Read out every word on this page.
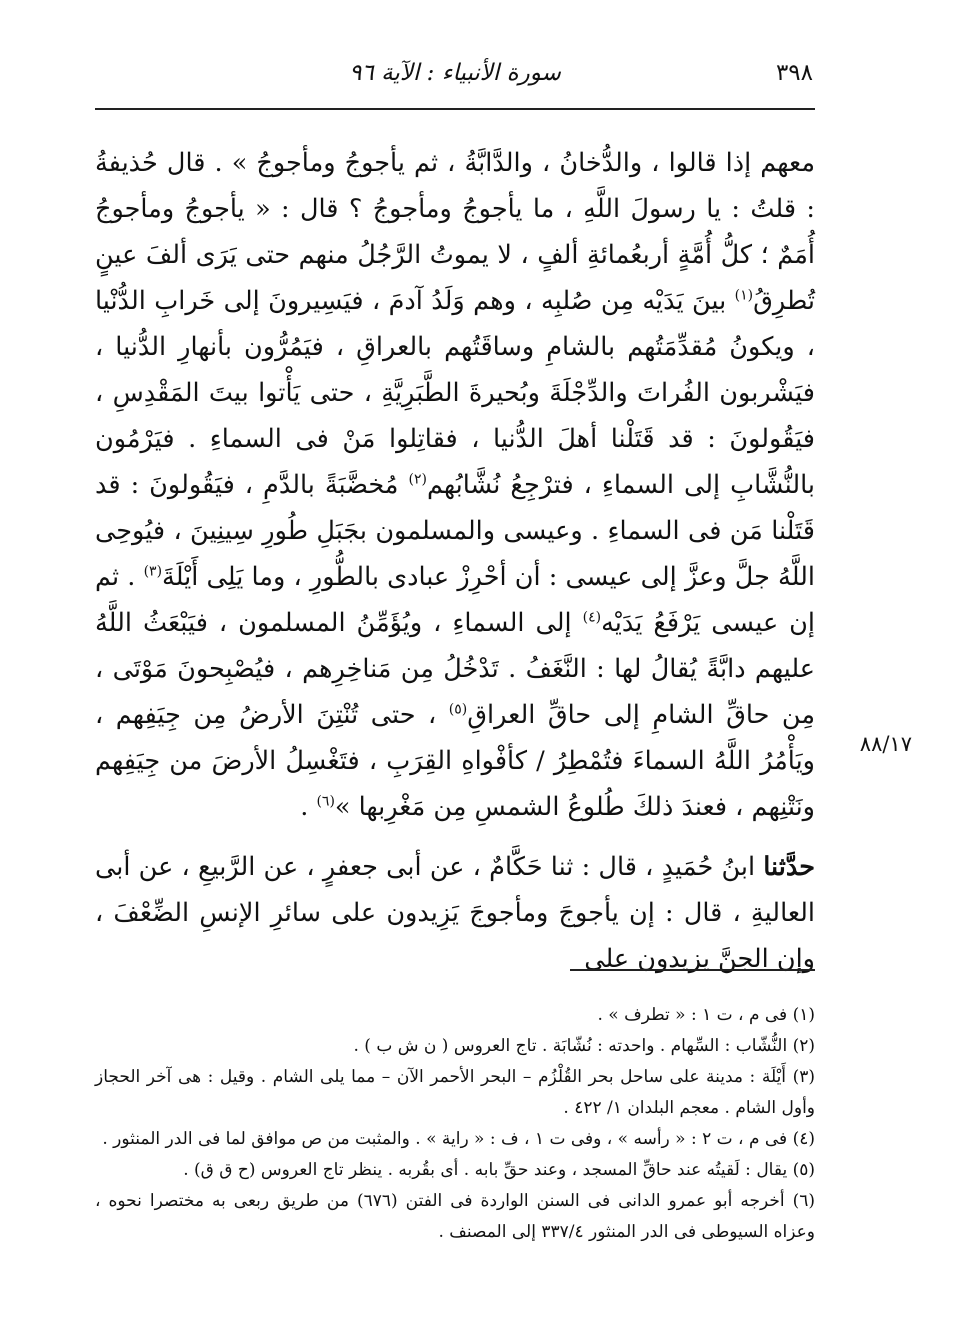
٣٩٨
سورة الأنبياء : الآية ٩٦

معهم إذا قالوا ، والدُّخانُ ، والدَّابَّةُ ، ثم يأجوجُ ومأجوجُ » . قال حُذيفةُ : قلتُ : يا رسولَ اللَّهِ ، ما يأجوجُ ومأجوجُ ؟ قال : « يأجوجُ ومأجوجُ أُمَمٌ ؛ كلُّ أُمَّةٍ أربعُمائةِ ألفٍ ، لا يموتُ الرَّجُلُ منهم حتى يَرَى ألفَ عينٍ تُطرِقُ$^{(١)}$ بينَ يَدَيْه مِن صُلبِه ، وهم وَلَدُ آدمَ ، فيَسِيرونَ إلى خَرابِ الدُّنْيا ، ويكونُ مُقدِّمَتُهم بالشامِ وساقَتُهم بالعراقِ ، فيَمُرُّون بأنهارِ الدُّنيا ، فيَشْربون الفُراتَ والدِّجْلَةَ وبُحيرةَ الطَّبَرِيَّةِ ، حتى يَأْتوا بيتَ المَقْدِسِ ، فيَقُولونَ : قد قَتَلْنا أهلَ الدُّنيا ، فقاتِلوا مَنْ فى السماءِ . فيَرْمُون بالنُّشَّابِ إلى السماءِ ، فترْجِعُ نُشَّابُهم$^{(٢)}$ مُخضَّبَةً بالدَّمِ ، فيَقُولونَ : قد قَتَلْنا مَن فى السماءِ . وعيسى والمسلمون بجَبَلِ طُورِ سِينِينَ ، فيُوحِى اللَّهُ جلَّ وعزَّ إلى عيسى : أن أحْرِزْ عبادى بالطُّورِ ، وما يَلِى أَيْلَةَ$^{(٣)}$ . ثم إن عيسى يَرْفَعُ يَدَيْه$^{(٤)}$ إلى السماءِ ، ويُؤَمِّنُ المسلمون ، فيَبْعَثُ اللَّهُ عليهم دابَّةً يُقالُ لها : النَّغَفُ . تَدْخُلُ مِن مَناخِرِهم ، فيُصْبِحونَ مَوْتَى ، مِن حاقِّ الشامِ إلى حاقِّ العراقِ$^{(٥)}$ ، حتى تُنْتِنَ الأرضُ مِن جِيَفِهم ، ويَأْمُرُ اللَّهُ السماءَ فتُمْطِرُ / كأفْواهِ القِرَبِ ، فتَغْسِلُ الأرضَ من جِيَفِهم ونَتْنِهم ، فعندَ ذلكَ طُلوعُ الشمسِ مِن مَغْرِبها »$^{(٦)}$ .

حدَّثنا ابنُ حُمَيدٍ ، قال : ثنا حَكَّامٌ ، عن أبى جعفرٍ ، عن الرَّبيعِ ، عن أبى العاليةِ ، قال : إن يأجوجَ ومأجوجَ يَزِيدون على سائرِ الإنسِ الضِّعْفَ ، وإن الجنَّ يزيدون على

٨٨/١٧
(١) فى م ، ت ١ : « تطرف » .
(٢) النُّشّاب : السِّهام . واحدته : نُشّابَة . تاج العروس ( ن ش ب ) .
(٣) أَيْلَة : مدينة على ساحل بحر القُلْزُم – البحر الأحمر الآن – مما يلى الشام . وقيل : هى آخر الحجاز وأول الشام . معجم البلدان ١/ ٤٢٢ .
(٤) فى م ، ت ٢ : « رأسه » ، وفى ت ١ ، ف : « راية » . والمثبت من ص موافق لما فى الدر المنثور .
(٥) يقال : لَقيتُه عند حاقِّ المسجد ، وعند حقِّ بابه . أى بقُربه . ينظر تاج العروس (ح ق ق) .
(٦) أخرجه أبو عمرو الدانى فى السنن الواردة فى الفتن (٦٧٦) من طريق ربعى به مختصرا نحوه ، وعزاه السيوطى فى الدر المنثور ٣٣٧/٤ إلى المصنف .
